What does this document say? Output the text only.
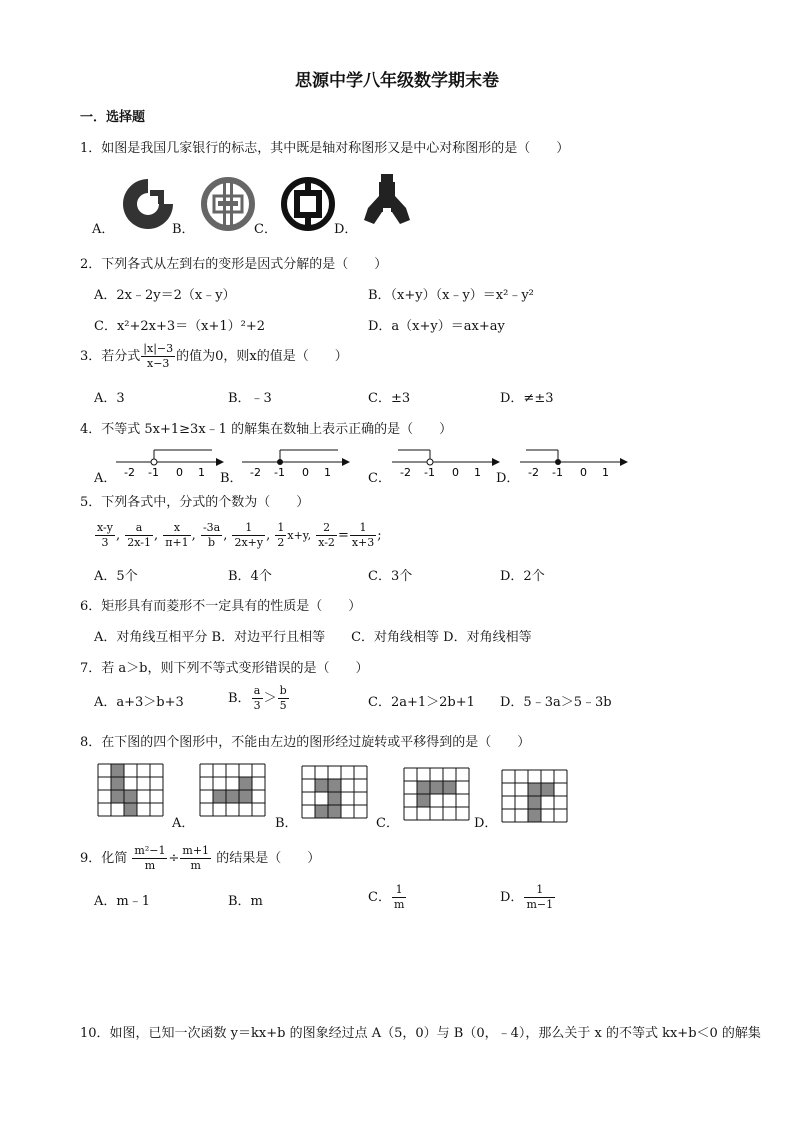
思源中学八年级数学期末卷
一．选择题
1．如图是我国几家银行的标志，其中既是轴对称图形又是中心对称图形的是（　　）
A．	B．	C．	D．
2．下列各式从左到右的变形是因式分解的是（　　）
A．2x﹣2y＝2（x﹣y）	B．（x+y）（x﹣y）＝x²﹣y²
C．x²+2x+3＝（x+1）²+2	D．a（x+y）＝ax+ay
3．若分式 $\frac{|x|-3}{x-3}$ 的值为0，则x的值是（　　）
A．3	B．﹣3	C．±3	D．≠±3
4．不等式 5x+1≥3x﹣1 的解集在数轴上表示正确的是（　　）
A．	B．	C．	D．
-2 -1 0 1	-2 -1 0 1	-2 -1 0 1	-2 -1 0 1
5．下列各式中，分式的个数为（　　）
$\frac{x-y}{3}$ , $\frac{a}{2x-1}$ , $\frac{x}{\pi+1}$ , $\frac{-3a}{b}$ , $\frac{1}{2x+y}$ , $\frac{1}{2} x+y$, $\frac{2}{x-2} = \frac{1}{x+3}$ ;
A．5个	B．4个	C．3个	D．2个
6．矩形具有而菱形不一定具有的性质是（　　）
A．对角线互相平分 B．对边平行且相等　　C．对角线相等 D．对角线相等
7．若 a＞b，则下列不等式变形错误的是（　　）
A．a+3＞b+3	B． $\frac{a}{3} > \frac{b}{5}$	C．2a+1＞2b+1 D．5﹣3a＞5﹣3b
8．在下图的四个图形中，不能由左边的图形经过旋转或平移得到的是（　　）
A．	B．	C．	D．
9．化简 $\frac{\text{m²−1}}{m} \div \frac{m+1}{m}$ 的结果是（　　）
A．m﹣1	B．m	C． $\frac{1}{m}$	D． $\frac{1}{m-1}$
10．如图，已知一次函数 y＝kx+b 的图象经过点 A（5，0）与 B（0，﹣4），那么关于 x 的不等式 kx+b＜0 的解集
